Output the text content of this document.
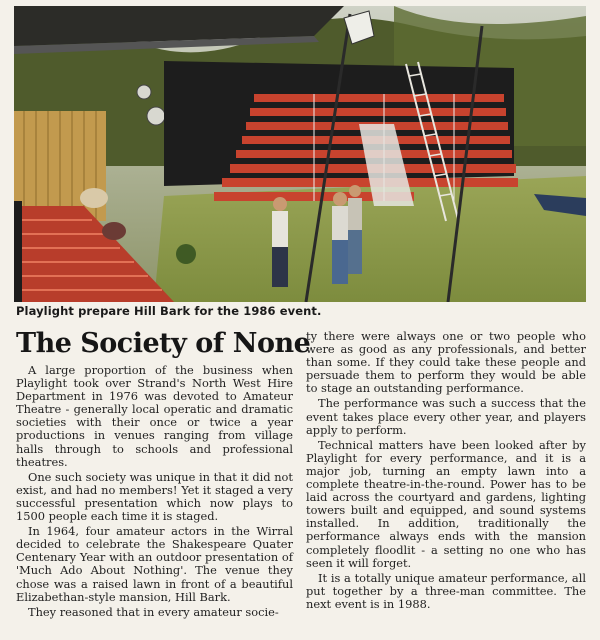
Playlight prepare Hill Bark for the 1986 event.
The Society of None

A large proportion of the business when Playlight took over Strand's North West Hire Department in 1976 was devoted to Amateur Theatre - generally local operatic and dramatic societies with their once or twice a year productions in venues ranging from village halls through to schools and professional theatres.

One such society was unique in that it did not exist, and had no members! Yet it staged a very successful presentation which now plays to 1500 people each time it is staged.

In 1964, four amateur actors in the Wirral decided to celebrate the Shakespeare Quater Centenary Year with an outdoor presentation of 'Much Ado About Nothing'. The venue they chose was a raised lawn in front of a beautiful Elizabethan-style mansion, Hill Bark.

They reasoned that in every amateur socie-

ty there were always one or two people who were as good as any professionals, and better than some. If they could take these people and persuade them to perform they would be able to stage an outstanding performance.

The performance was such a success that the event takes place every other year, and players apply to perform.

Technical matters have been looked after by Playlight for every performance, and it is a major job, turning an empty lawn into a complete theatre-in-the-round. Power has to be laid across the courtyard and gardens, lighting towers built and equipped, and sound systems installed. In addition, traditionally the performance always ends with the mansion completely floodlit - a setting no one who has seen it will forget.

It is a totally unique amateur performance, all put together by a three-man committee. The next event is in 1988.
